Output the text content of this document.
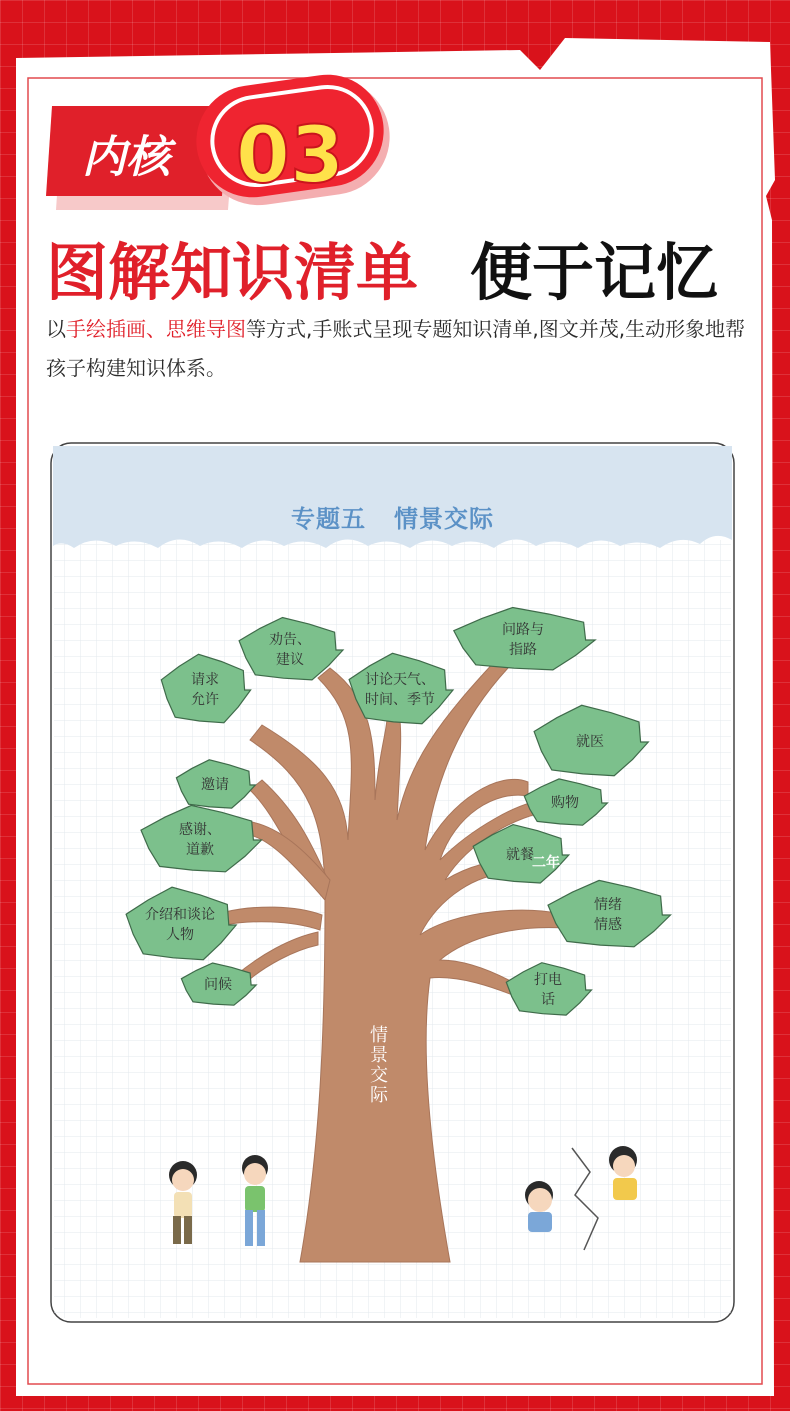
内核 03
图解知识清单 便于记忆

以手绘插画、思维导图等方式,手账式呈现专题知识清单,图文并茂,生动形象地帮孩子构建知识体系。

专题五 情景交际
请求
允许
劝告、
建议
邀请
感谢、
道歉
介绍和谈论
人物
问候
讨论天气、
时间、季节
问路与
指路
就医
购物
就餐
情绪
情感
打电
话
情景交际
二年
